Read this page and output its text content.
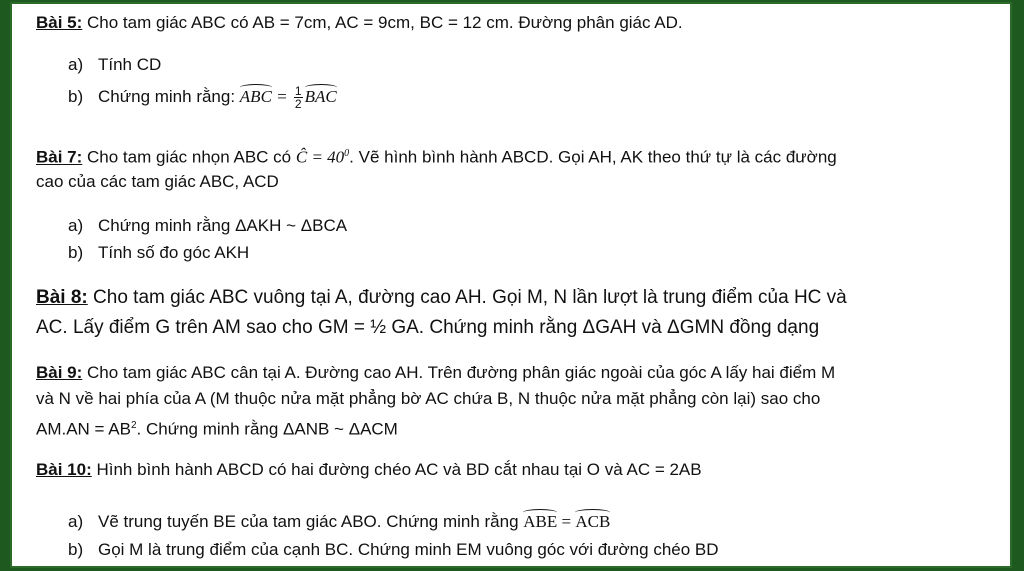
Bài 5: Cho tam giác ABC có AB = 7cm, AC = 9cm, BC = 12 cm. Đường phân giác AD.
a) Tính CD
b) Chứng minh rằng: ABC = $\frac{1}{2}$ BAC
Bài 7: Cho tam giác nhọn ABC có Ĉ = $40^0$. Vẽ hình bình hành ABCD. Gọi AH, AK theo thứ tự là các đường
cao của các tam giác ABC, ACD
a) Chứng minh rằng ΔAKH ~ ΔBCA
b) Tính số đo góc AKH
Bài 8: Cho tam giác ABC vuông tại A, đường cao AH. Gọi M, N lần lượt là trung điểm của HC và
AC. Lấy điểm G trên AM sao cho GM = ½ GA. Chứng minh rằng ΔGAH và ΔGMN đồng dạng
Bài 9: Cho tam giác ABC cân tại A. Đường cao AH. Trên đường phân giác ngoài của góc A lấy hai điểm M
và N về hai phía của A (M thuộc nửa mặt phẳng bờ AC chứa B, N thuộc nửa mặt phẳng còn lại) sao cho
$AM.AN = AB^2$. Chứng minh rằng ΔANB ~ ΔACM
Bài 10: Hình bình hành ABCD có hai đường chéo AC và BD cắt nhau tại O và AC = 2AB
a) Vẽ trung tuyến BE của tam giác ABO. Chứng minh rằng ABE = ACB
b) Gọi M là trung điểm của cạnh BC. Chứng minh EM vuông góc với đường chéo BD
